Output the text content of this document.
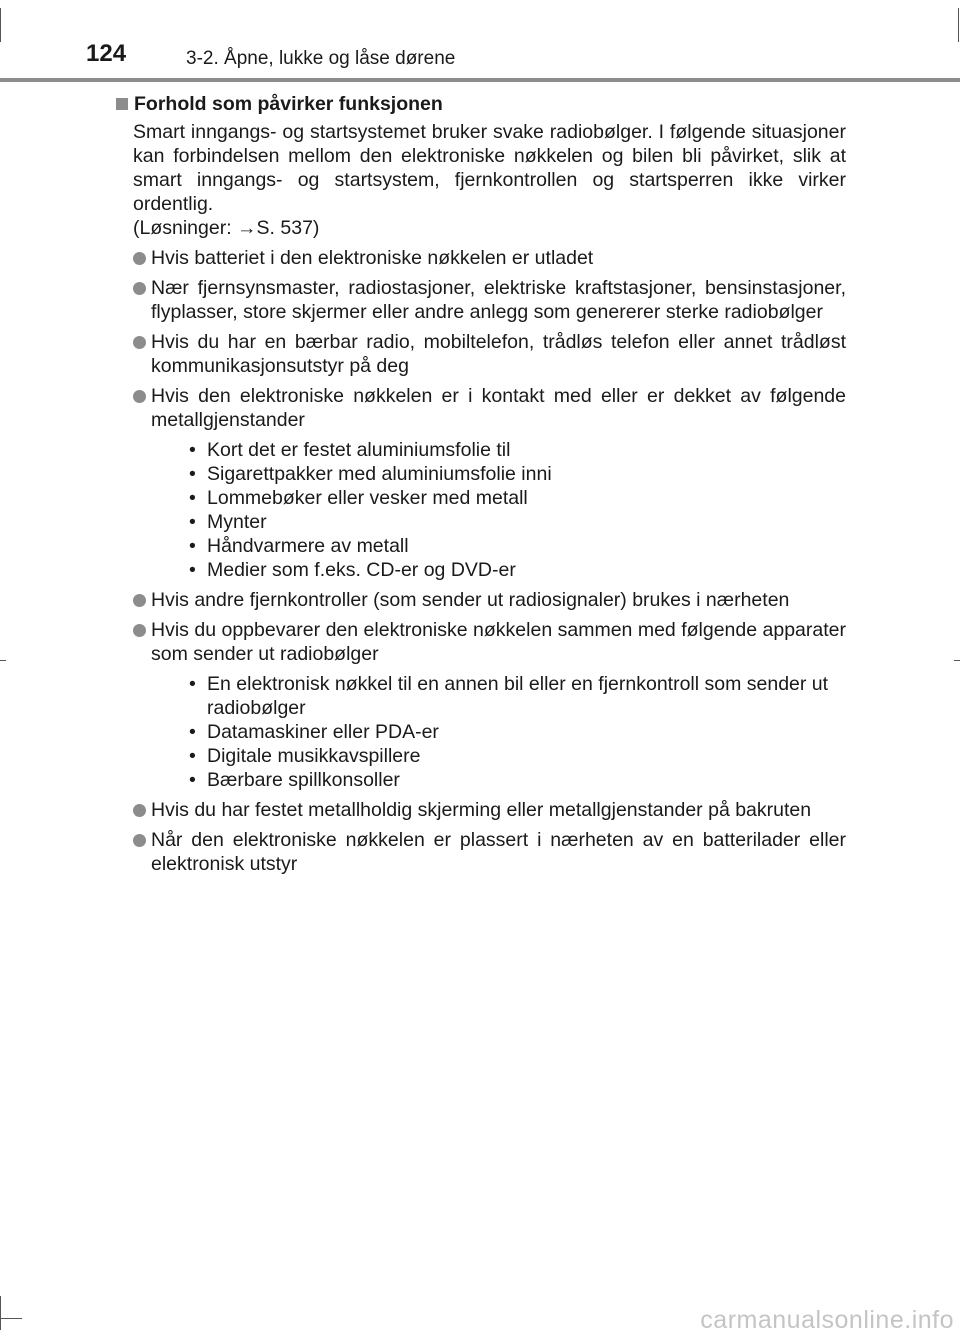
124	3-2. Åpne, lukke og låse dørene
Forhold som påvirker funksjonen

Smart inngangs- og startsystemet bruker svake radiobølger. I følgende situasjoner kan forbindelsen mellom den elektroniske nøkkelen og bilen bli påvirket, slik at smart inngangs- og startsystem, fjernkontrollen og startsperren ikke virker ordentlig.

(Løsninger: →S. 537)

Hvis batteriet i den elektroniske nøkkelen er utladet
Nær fjernsynsmaster, radiostasjoner, elektriske kraftstasjoner, bensinstasjoner, flyplasser, store skjermer eller andre anlegg som genererer sterke radiobølger
Hvis du har en bærbar radio, mobiltelefon, trådløs telefon eller annet trådløst kommunikasjonsutstyr på deg
Hvis den elektroniske nøkkelen er i kontakt med eller er dekket av følgende metallgjenstander
• Kort det er festet aluminiumsfolie til
• Sigarettpakker med aluminiumsfolie inni
• Lommebøker eller vesker med metall
• Mynter
• Håndvarmere av metall
• Medier som f.eks. CD-er og DVD-er
Hvis andre fjernkontroller (som sender ut radiosignaler) brukes i nærheten
Hvis du oppbevarer den elektroniske nøkkelen sammen med følgende apparater som sender ut radiobølger
• En elektronisk nøkkel til en annen bil eller en fjernkontroll som sender ut radiobølger
• Datamaskiner eller PDA-er
• Digitale musikkavspillere
• Bærbare spillkonsoller
Hvis du har festet metallholdig skjerming eller metallgjenstander på bakruten
Når den elektroniske nøkkelen er plassert i nærheten av en batterilader eller elektronisk utstyr
carmanualsonline.info
